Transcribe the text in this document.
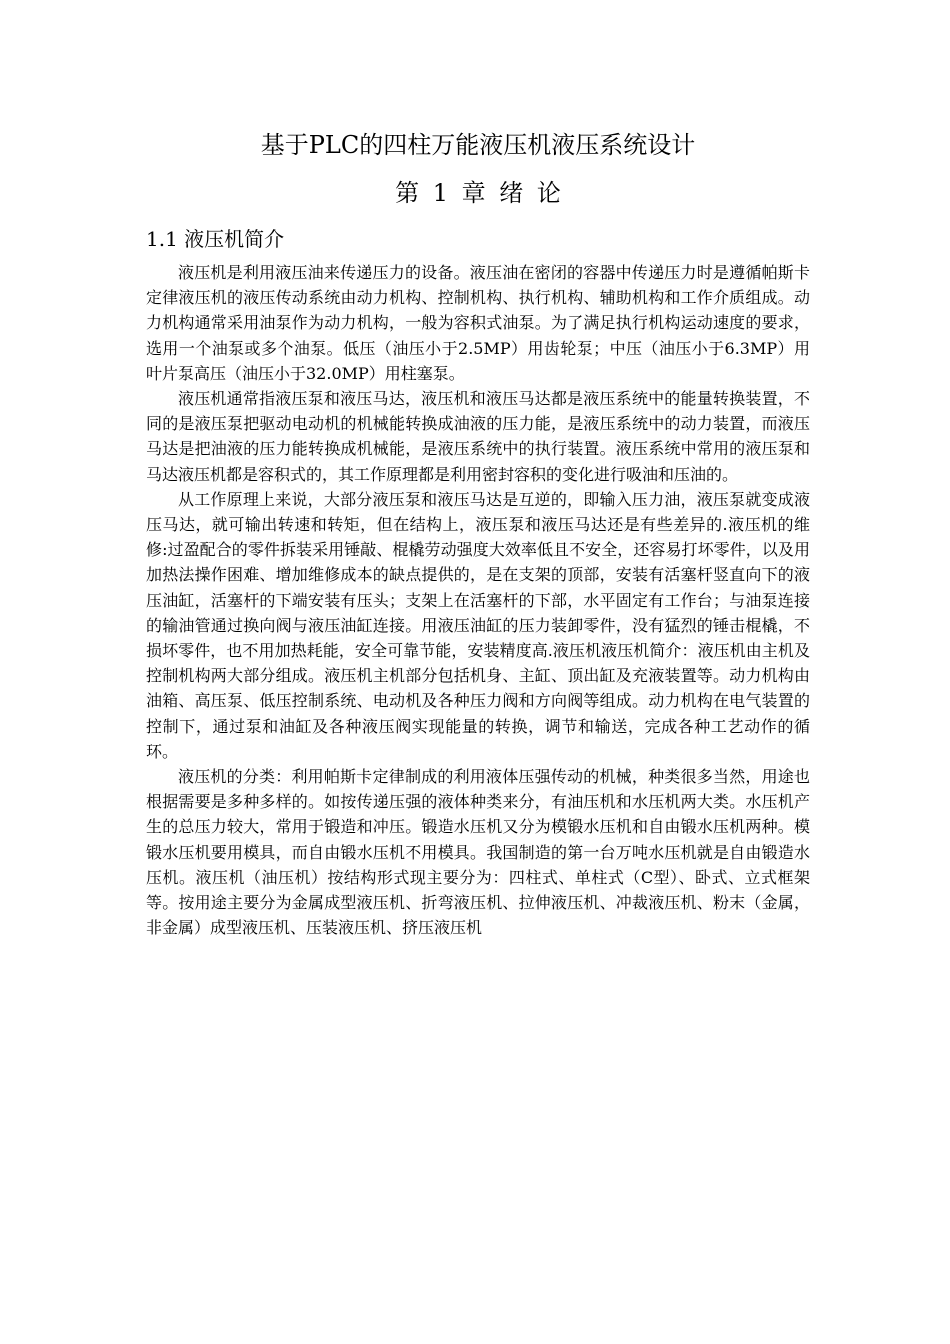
基于PLC的四柱万能液压机液压系统设计
第 1 章 绪 论
1.1 液压机简介

液压机是利用液压油来传递压力的设备。液压油在密闭的容器中传递压力时是遵循帕斯卡定律液压机的液压传动系统由动力机构、控制机构、执行机构、辅助机构和工作介质组成。动力机构通常采用油泵作为动力机构，一般为容积式油泵。为了满足执行机构运动速度的要求，选用一个油泵或多个油泵。低压（油压小于2.5MP）用齿轮泵；中压（油压小于6.3MP）用叶片泵高压（油压小于32.0MP）用柱塞泵。

液压机通常指液压泵和液压马达，液压机和液压马达都是液压系统中的能量转换装置，不同的是液压泵把驱动电动机的机械能转换成油液的压力能，是液压系统中的动力装置，而液压马达是把油液的压力能转换成机械能，是液压系统中的执行装置。液压系统中常用的液压泵和马达液压机都是容积式的，其工作原理都是利用密封容积的变化进行吸油和压油的。

从工作原理上来说，大部分液压泵和液压马达是互逆的，即输入压力油，液压泵就变成液压马达，就可输出转速和转矩，但在结构上，液压泵和液压马达还是有些差异的.液压机的维修:过盈配合的零件拆装采用锤敲、棍橇劳动强度大效率低且不安全，还容易打坏零件，以及用加热法操作困难、增加维修成本的缺点提供的，是在支架的顶部，安装有活塞杆竖直向下的液压油缸，活塞杆的下端安装有压头；支架上在活塞杆的下部，水平固定有工作台；与油泵连接的输油管通过换向阀与液压油缸连接。用液压油缸的压力装卸零件，没有猛烈的锤击棍橇，不损坏零件，也不用加热耗能，安全可靠节能，安装精度高.液压机液压机简介：液压机由主机及控制机构两大部分组成。液压机主机部分包括机身、主缸、顶出缸及充液装置等。动力机构由油箱、高压泵、低压控制系统、电动机及各种压力阀和方向阀等组成。动力机构在电气装置的控制下，通过泵和油缸及各种液压阀实现能量的转换，调节和输送，完成各种工艺动作的循环。

液压机的分类：利用帕斯卡定律制成的利用液体压强传动的机械，种类很多当然，用途也根据需要是多种多样的。如按传递压强的液体种类来分，有油压机和水压机两大类。水压机产生的总压力较大，常用于锻造和冲压。锻造水压机又分为模锻水压机和自由锻水压机两种。模锻水压机要用模具，而自由锻水压机不用模具。我国制造的第一台万吨水压机就是自由锻造水压机。液压机（油压机）按结构形式现主要分为：四柱式、单柱式（C型）、卧式、立式框架等。按用途主要分为金属成型液压机、折弯液压机、拉伸液压机、冲裁液压机、粉末（金属，非金属）成型液压机、压装液压机、挤压液压机
